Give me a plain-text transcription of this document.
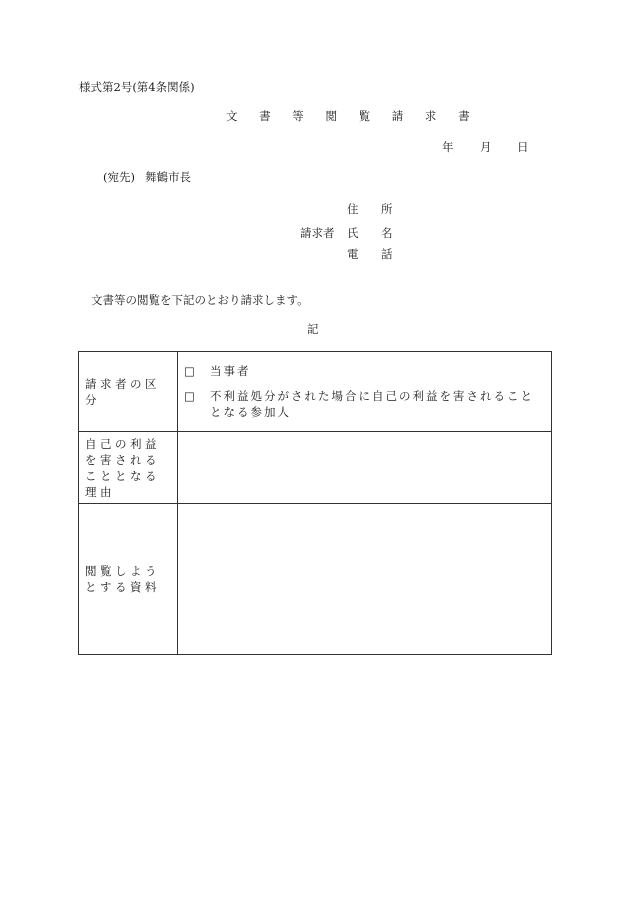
様式第2号(第4条関係)
文 書 等 閲 覧 請 求 書
年 月 日
(宛先) 舞鶴市長
請求者
住 所
氏 名
電 話
文書等の閲覧を下記のとおり請求します。
記
請求者の区分	□ 当事者
□ 不利益処分がされた場合に自己の利益を害されることとなる参加人

自己の利益を害されることとなる理由	
閲覧しようとする資料	
